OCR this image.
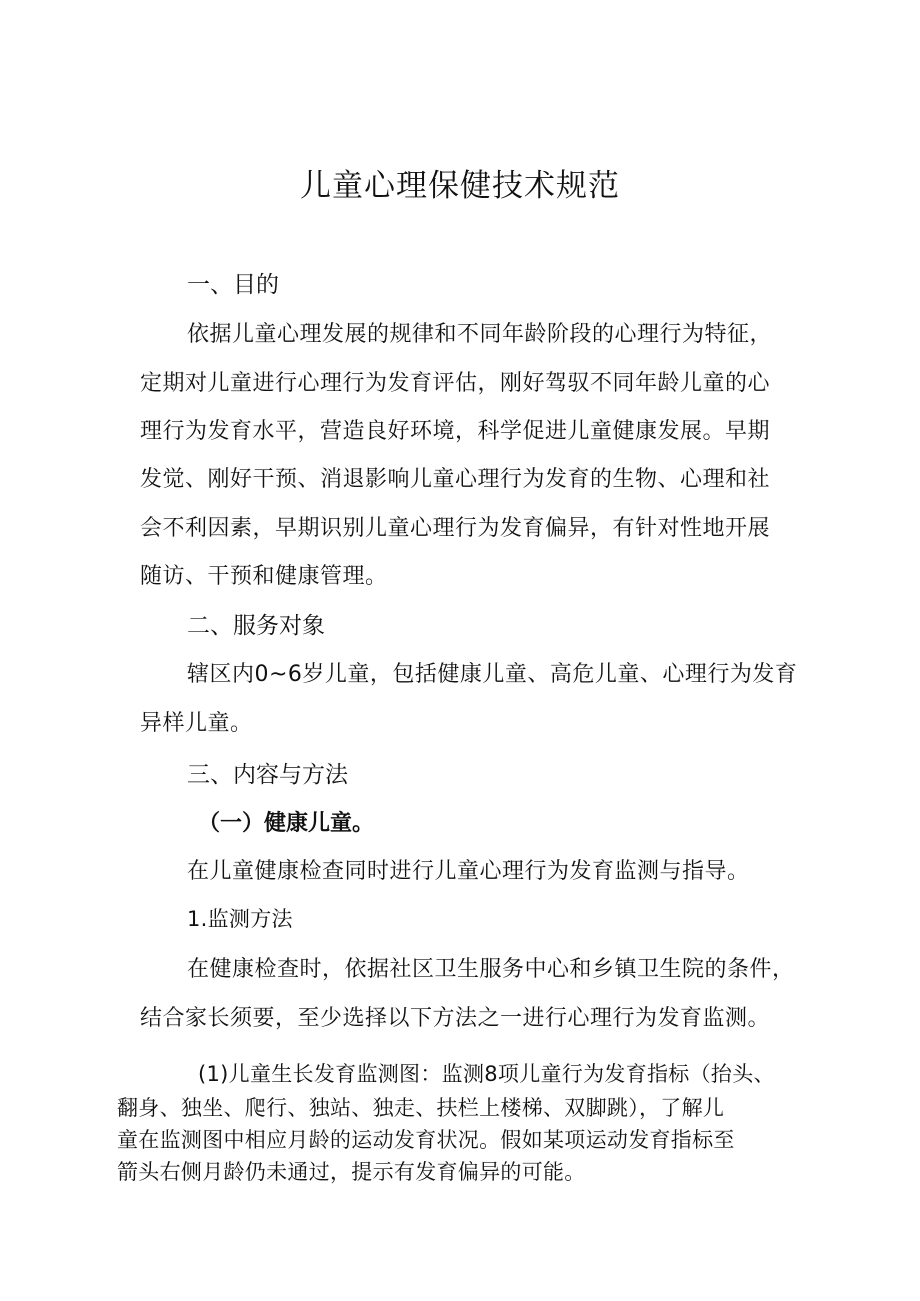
儿童心理保健技术规范
一、目的
依据儿童心理发展的规律和不同年龄阶段的心理行为特征，
定期对儿童进行心理行为发育评估，刚好驾驭不同年龄儿童的心
理行为发育水平，营造良好环境，科学促进儿童健康发展。早期
发觉、刚好干预、消退影响儿童心理行为发育的生物、心理和社
会不利因素，早期识别儿童心理行为发育偏异，有针对性地开展
随访、干预和健康管理。
二、服务对象
辖区内0~6岁儿童，包括健康儿童、高危儿童、心理行为发育
异样儿童。
三、内容与方法
（一）健康儿童。
在儿童健康检查同时进行儿童心理行为发育监测与指导。
1.监测方法
在健康检查时，依据社区卫生服务中心和乡镇卫生院的条件，
结合家长须要，至少选择以下方法之一进行心理行为发育监测。
(1)儿童生长发育监测图：监测8项儿童行为发育指标（抬头、
翻身、独坐、爬行、独站、独走、扶栏上楼梯、双脚跳），了解儿
童在监测图中相应月龄的运动发育状况。假如某项运动发育指标至
箭头右侧月龄仍未通过，提示有发育偏异的可能。
